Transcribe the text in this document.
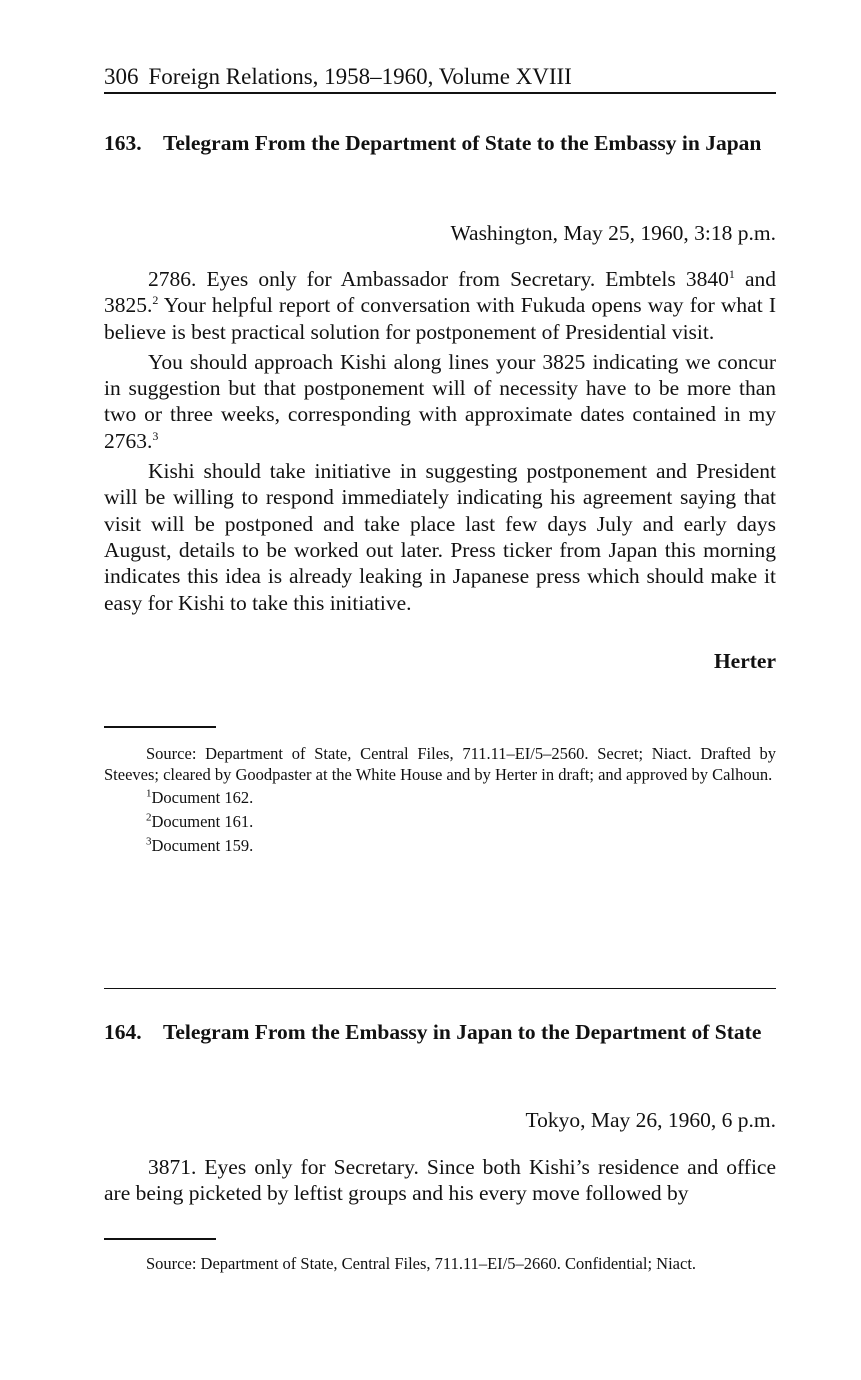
306 Foreign Relations, 1958–1960, Volume XVIII
163. Telegram From the Department of State to the Embassy in Japan
Washington, May 25, 1960, 3:18 p.m.

2786. Eyes only for Ambassador from Secretary. Embtels 3840$^1$ and 3825.$^2$ Your helpful report of conversation with Fukuda opens way for what I believe is best practical solution for postponement of Presidential visit.

You should approach Kishi along lines your 3825 indicating we concur in suggestion but that postponement will of necessity have to be more than two or three weeks, corresponding with approximate dates contained in my 2763.$^3$

Kishi should take initiative in suggesting postponement and President will be willing to respond immediately indicating his agreement saying that visit will be postponed and take place last few days July and early days August, details to be worked out later. Press ticker from Japan this morning indicates this idea is already leaking in Japanese press which should make it easy for Kishi to take this initiative.

Herter

Source: Department of State, Central Files, 711.11–EI/5–2560. Secret; Niact. Drafted by Steeves; cleared by Goodpaster at the White House and by Herter in draft; and approved by Calhoun.

$^1$Document 162.

$^2$Document 161.

$^3$Document 159.

164. Telegram From the Embassy in Japan to the Department of State
Tokyo, May 26, 1960, 6 p.m.

3871. Eyes only for Secretary. Since both Kishi’s residence and office are being picketed by leftist groups and his every move followed by

Source: Department of State, Central Files, 711.11–EI/5–2660. Confidential; Niact.
